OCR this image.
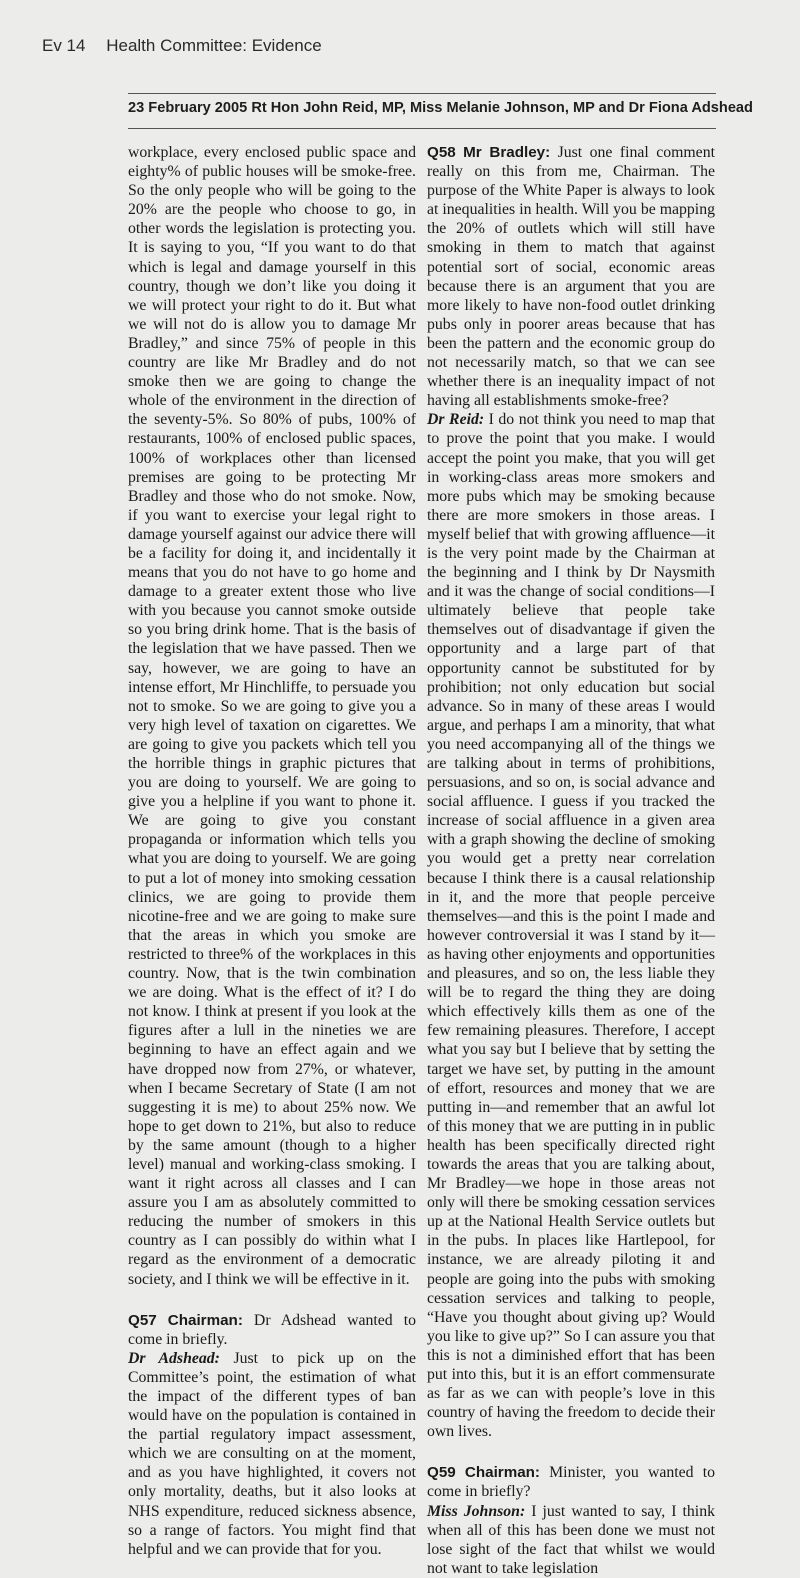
Ev 14 Health Committee: Evidence
23 February 2005 Rt Hon John Reid, MP, Miss Melanie Johnson, MP and Dr Fiona Adshead

workplace, every enclosed public space and eighty% of public houses will be smoke-free. So the only people who will be going to the 20% are the people who choose to go, in other words the legislation is protecting you. It is saying to you, “If you want to do that which is legal and damage yourself in this country, though we don’t like you doing it we will protect your right to do it. But what we will not do is allow you to damage Mr Bradley,” and since 75% of people in this country are like Mr Bradley and do not smoke then we are going to change the whole of the environment in the direction of the seventy-5%. So 80% of pubs, 100% of restaurants, 100% of enclosed public spaces, 100% of workplaces other than licensed premises are going to be protecting Mr Bradley and those who do not smoke. Now, if you want to exercise your legal right to damage yourself against our advice there will be a facility for doing it, and incidentally it means that you do not have to go home and damage to a greater extent those who live with you because you cannot smoke outside so you bring drink home. That is the basis of the legislation that we have passed. Then we say, however, we are going to have an intense effort, Mr Hinchliffe, to persuade you not to smoke. So we are going to give you a very high level of taxation on cigarettes. We are going to give you packets which tell you the horrible things in graphic pictures that you are doing to yourself. We are going to give you a helpline if you want to phone it. We are going to give you constant propaganda or information which tells you what you are doing to yourself. We are going to put a lot of money into smoking cessation clinics, we are going to provide them nicotine-free and we are going to make sure that the areas in which you smoke are restricted to three% of the workplaces in this country. Now, that is the twin combination we are doing. What is the effect of it? I do not know. I think at present if you look at the figures after a lull in the nineties we are beginning to have an effect again and we have dropped now from 27%, or whatever, when I became Secretary of State (I am not suggesting it is me) to about 25% now. We hope to get down to 21%, but also to reduce by the same amount (though to a higher level) manual and working-class smoking. I want it right across all classes and I can assure you I am as absolutely committed to reducing the number of smokers in this country as I can possibly do within what I regard as the environment of a democratic society, and I think we will be effective in it.

Q57 Chairman: Dr Adshead wanted to come in briefly.

Dr Adshead: Just to pick up on the Committee’s point, the estimation of what the impact of the different types of ban would have on the population is contained in the partial regulatory impact assessment, which we are consulting on at the moment, and as you have highlighted, it covers not only mortality, deaths, but it also looks at NHS expenditure, reduced sickness absence, so a range of factors. You might find that helpful and we can provide that for you.

Q58 Mr Bradley: Just one final comment really on this from me, Chairman. The purpose of the White Paper is always to look at inequalities in health. Will you be mapping the 20% of outlets which will still have smoking in them to match that against potential sort of social, economic areas because there is an argument that you are more likely to have non-food outlet drinking pubs only in poorer areas because that has been the pattern and the economic group do not necessarily match, so that we can see whether there is an inequality impact of not having all establishments smoke-free?

Dr Reid: I do not think you need to map that to prove the point that you make. I would accept the point you make, that you will get in working-class areas more smokers and more pubs which may be smoking because there are more smokers in those areas. I myself belief that with growing affluence—it is the very point made by the Chairman at the beginning and I think by Dr Naysmith and it was the change of social conditions—I ultimately believe that people take themselves out of disadvantage if given the opportunity and a large part of that opportunity cannot be substituted for by prohibition; not only education but social advance. So in many of these areas I would argue, and perhaps I am a minority, that what you need accompanying all of the things we are talking about in terms of prohibitions, persuasions, and so on, is social advance and social affluence. I guess if you tracked the increase of social affluence in a given area with a graph showing the decline of smoking you would get a pretty near correlation because I think there is a causal relationship in it, and the more that people perceive themselves—and this is the point I made and however controversial it was I stand by it—as having other enjoyments and opportunities and pleasures, and so on, the less liable they will be to regard the thing they are doing which effectively kills them as one of the few remaining pleasures. Therefore, I accept what you say but I believe that by setting the target we have set, by putting in the amount of effort, resources and money that we are putting in—and remember that an awful lot of this money that we are putting in in public health has been specifically directed right towards the areas that you are talking about, Mr Bradley—we hope in those areas not only will there be smoking cessation services up at the National Health Service outlets but in the pubs. In places like Hartlepool, for instance, we are already piloting it and people are going into the pubs with smoking cessation services and talking to people, “Have you thought about giving up? Would you like to give up?” So I can assure you that this is not a diminished effort that has been put into this, but it is an effort commensurate as far as we can with people’s love in this country of having the freedom to decide their own lives.

Q59 Chairman: Minister, you wanted to come in briefly?

Miss Johnson: I just wanted to say, I think when all of this has been done we must not lose sight of the fact that whilst we would not want to take legislation
